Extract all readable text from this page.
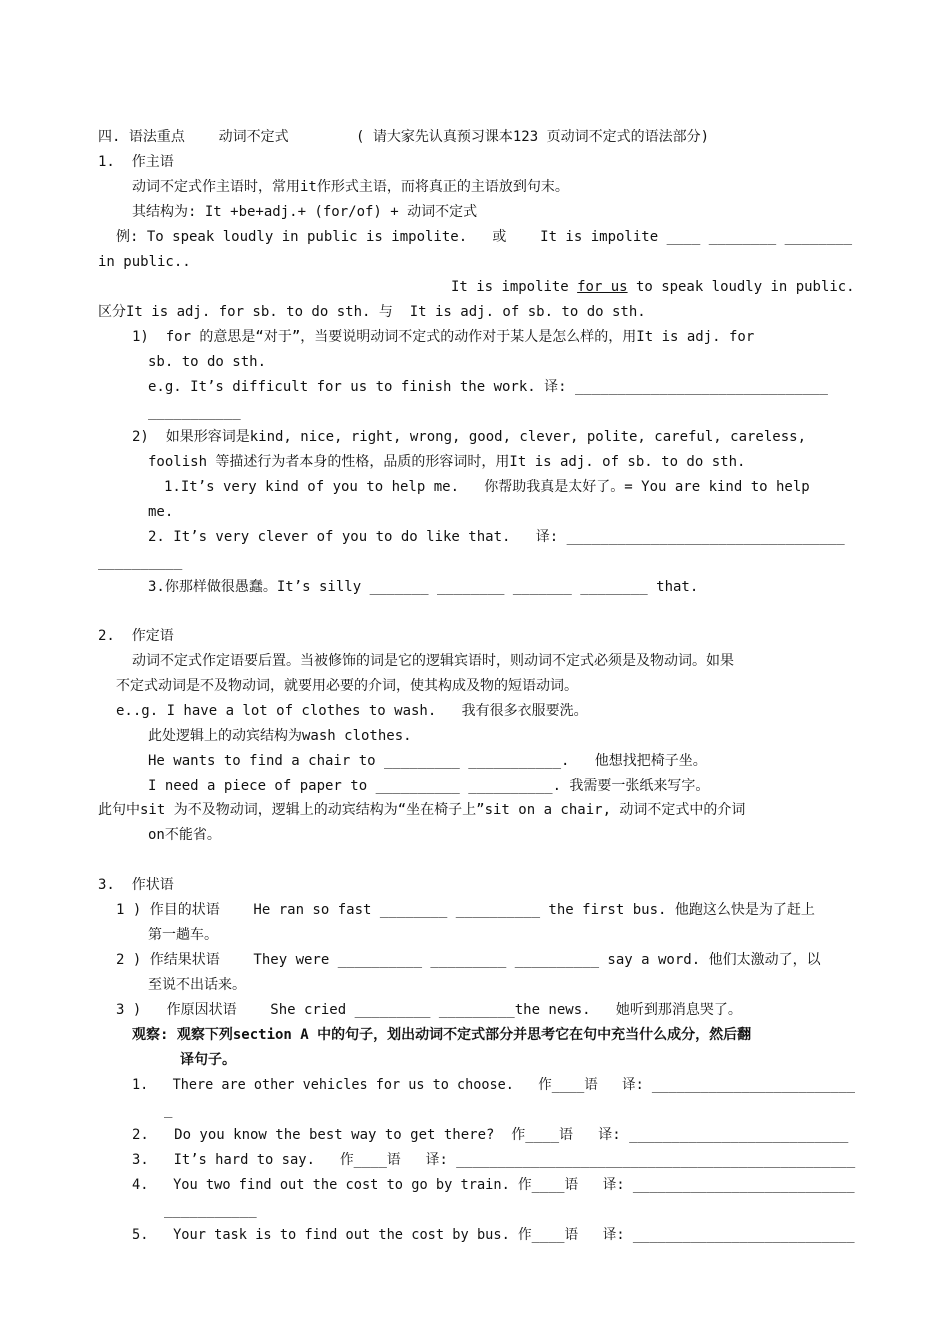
四. 语法重点    动词不定式        ( 请大家先认真预习课本123 页动词不定式的语法部分)
1.  作主语
动词不定式作主语时，常用it作形式主语，而将真正的主语放到句末。
其结构为: It +be+adj.+ (for/of) + 动词不定式
例: To speak loudly in public is impolite.   或    It is impolite ____ ________ ________
in public..
It is impolite for us to speak loudly in public.
区分It is adj. for sb. to do sth. 与  It is adj. of sb. to do sth.
1)  for 的意思是“对于”，当要说明动词不定式的动作对于某人是怎么样的，用It is adj. for
sb. to do sth.
e.g. It’s difficult for us to finish the work. 译: ______________________________
___________
2)  如果形容词是kind, nice, right, wrong, good, clever, polite, careful, careless,
foolish 等描述行为者本身的性格，品质的形容词时，用It is adj. of sb. to do sth.
1.It’s very kind of you to help me.   你帮助我真是太好了。= You are kind to help
me.
2. It’s very clever of you to do like that.   译: _________________________________
__________
3.你那样做很愚蠢。It’s silly _______ ________ _______ ________ that.
2.  作定语
动词不定式作定语要后置。当被修饰的词是它的逻辑宾语时，则动词不定式必须是及物动词。如果
不定式动词是不及物动词，就要用必要的介词，使其构成及物的短语动词。
e..g. I have a lot of clothes to wash.   我有很多衣服要洗。
此处逻辑上的动宾结构为wash clothes.
He wants to find a chair to _________ ___________.   他想找把椅子坐。
I need a piece of paper to __________ __________. 我需要一张纸来写字。
此句中sit 为不及物动词，逻辑上的动宾结构为“坐在椅子上”sit on a chair, 动词不定式中的介词
on不能省。
3.  作状语
1 ) 作目的状语    He ran so fast ________ __________ the first bus. 他跑这么快是为了赶上
第一趟车。
2 ) 作结果状语    They were __________ _________ __________ say a word. 他们太激动了，以
至说不出话来。
3 )   作原因状语    She cried _________ _________the news.   她听到那消息哭了。
观察: 观察下列section A 中的句子，划出动词不定式部分并思考它在句中充当什么成分，然后翻
译句子。
1.   There are other vehicles for us to choose.   作____语   译: _________________________
_
2.   Do you know the best way to get there?  作____语   译: __________________________
3.   It’s hard to say.   作____语   译: ________________________________________________
4.   You two find out the cost to go by train. 作____语   译: ___________________________
___________
5.   Your task is to find out the cost by bus. 作____语   译: ___________________________
